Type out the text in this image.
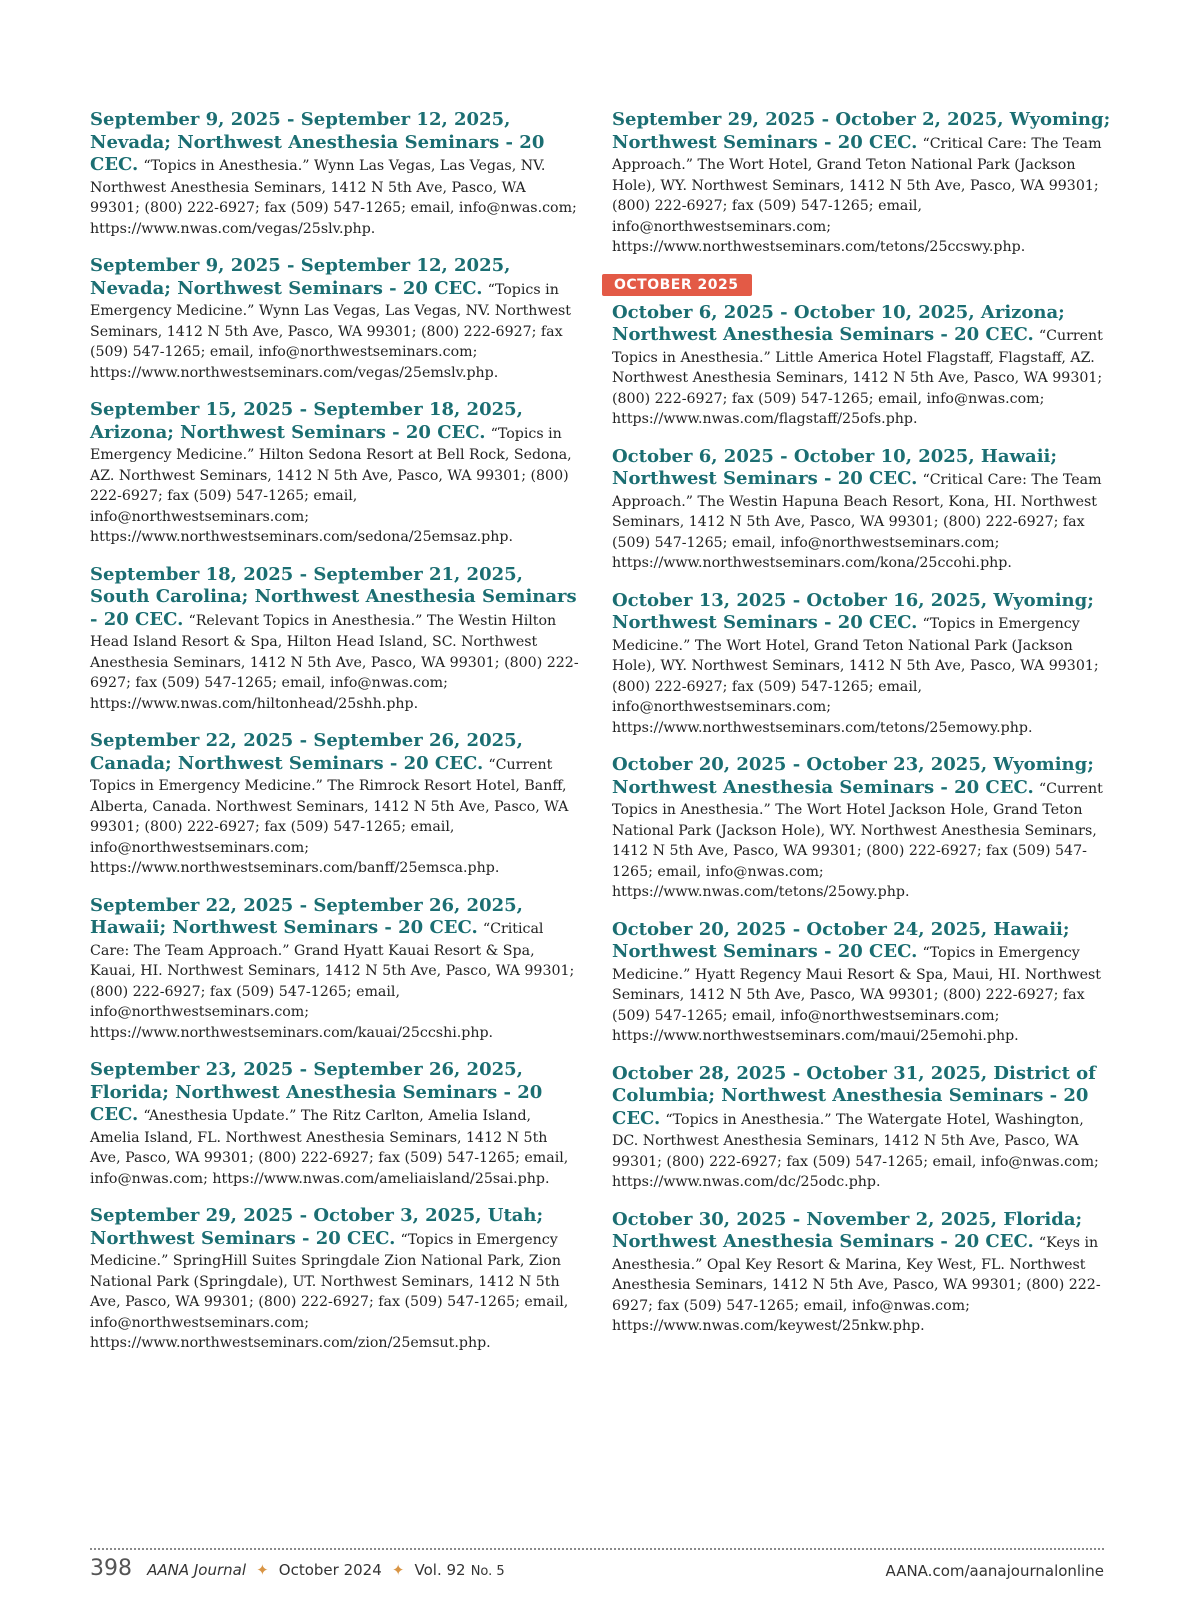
September 9, 2025 - September 12, 2025, Nevada; Northwest Anesthesia Seminars - 20 CEC. “Topics in Anesthesia.” Wynn Las Vegas, Las Vegas, NV. Northwest Anesthesia Seminars, 1412 N 5th Ave, Pasco, WA 99301; (800) 222-6927; fax (509) 547-1265; email, info@nwas.com; https://www.nwas.com/vegas/25slv.php.
September 9, 2025 - September 12, 2025, Nevada; Northwest Seminars - 20 CEC. “Topics in Emergency Medicine.” Wynn Las Vegas, Las Vegas, NV. Northwest Seminars, 1412 N 5th Ave, Pasco, WA 99301; (800) 222-6927; fax (509) 547-1265; email, info@northwestseminars.com; https://www.northwestseminars.com/vegas/25emslv.php.
September 15, 2025 - September 18, 2025, Arizona; Northwest Seminars - 20 CEC. “Topics in Emergency Medicine.” Hilton Sedona Resort at Bell Rock, Sedona, AZ. Northwest Seminars, 1412 N 5th Ave, Pasco, WA 99301; (800) 222-6927; fax (509) 547-1265; email, info@northwestseminars.com; https://www.northwestseminars.com/sedona/25emsaz.php.
September 18, 2025 - September 21, 2025, South Carolina; Northwest Anesthesia Seminars - 20 CEC. “Relevant Topics in Anesthesia.” The Westin Hilton Head Island Resort & Spa, Hilton Head Island, SC. Northwest Anesthesia Seminars, 1412 N 5th Ave, Pasco, WA 99301; (800) 222-6927; fax (509) 547-1265; email, info@nwas.com; https://www.nwas.com/hiltonhead/25shh.php.
September 22, 2025 - September 26, 2025, Canada; Northwest Seminars - 20 CEC. “Current Topics in Emergency Medicine.” The Rimrock Resort Hotel, Banff, Alberta, Canada. Northwest Seminars, 1412 N 5th Ave, Pasco, WA 99301; (800) 222-6927; fax (509) 547-1265; email, info@northwestseminars.com; https://www.northwestseminars.com/banff/25emsca.php.
September 22, 2025 - September 26, 2025, Hawaii; Northwest Seminars - 20 CEC. “Critical Care: The Team Approach.” Grand Hyatt Kauai Resort & Spa, Kauai, HI. Northwest Seminars, 1412 N 5th Ave, Pasco, WA 99301; (800) 222-6927; fax (509) 547-1265; email, info@northwestseminars.com; https://www.northwestseminars.com/kauai/25ccshi.php.
September 23, 2025 - September 26, 2025, Florida; Northwest Anesthesia Seminars - 20 CEC. “Anesthesia Update.” The Ritz Carlton, Amelia Island, Amelia Island, FL. Northwest Anesthesia Seminars, 1412 N 5th Ave, Pasco, WA 99301; (800) 222-6927; fax (509) 547-1265; email, info@nwas.com; https://www.nwas.com/ameliaisland/25sai.php.
September 29, 2025 - October 3, 2025, Utah; Northwest Seminars - 20 CEC. “Topics in Emergency Medicine.” SpringHill Suites Springdale Zion National Park, Zion National Park (Springdale), UT. Northwest Seminars, 1412 N 5th Ave, Pasco, WA 99301; (800) 222-6927; fax (509) 547-1265; email, info@northwestseminars.com; https://www.northwestseminars.com/zion/25emsut.php.
September 29, 2025 - October 2, 2025, Wyoming; Northwest Seminars - 20 CEC. “Critical Care: The Team Approach.” The Wort Hotel, Grand Teton National Park (Jackson Hole), WY. Northwest Seminars, 1412 N 5th Ave, Pasco, WA 99301; (800) 222-6927; fax (509) 547-1265; email, info@northwestseminars.com; https://www.northwestseminars.com/tetons/25ccswy.php.
OCTOBER 2025
October 6, 2025 - October 10, 2025, Arizona; Northwest Anesthesia Seminars - 20 CEC. “Current Topics in Anesthesia.” Little America Hotel Flagstaff, Flagstaff, AZ. Northwest Anesthesia Seminars, 1412 N 5th Ave, Pasco, WA 99301; (800) 222-6927; fax (509) 547-1265; email, info@nwas.com; https://www.nwas.com/flagstaff/25ofs.php.
October 6, 2025 - October 10, 2025, Hawaii; Northwest Seminars - 20 CEC. “Critical Care: The Team Approach.” The Westin Hapuna Beach Resort, Kona, HI. Northwest Seminars, 1412 N 5th Ave, Pasco, WA 99301; (800) 222-6927; fax (509) 547-1265; email, info@northwestseminars.com; https://www.northwestseminars.com/kona/25ccohi.php.
October 13, 2025 - October 16, 2025, Wyoming; Northwest Seminars - 20 CEC. “Topics in Emergency Medicine.” The Wort Hotel, Grand Teton National Park (Jackson Hole), WY. Northwest Seminars, 1412 N 5th Ave, Pasco, WA 99301; (800) 222-6927; fax (509) 547-1265; email, info@northwestseminars.com; https://www.northwestseminars.com/tetons/25emowy.php.
October 20, 2025 - October 23, 2025, Wyoming; Northwest Anesthesia Seminars - 20 CEC. “Current Topics in Anesthesia.” The Wort Hotel Jackson Hole, Grand Teton National Park (Jackson Hole), WY. Northwest Anesthesia Seminars, 1412 N 5th Ave, Pasco, WA 99301; (800) 222-6927; fax (509) 547-1265; email, info@nwas.com; https://www.nwas.com/tetons/25owy.php.
October 20, 2025 - October 24, 2025, Hawaii; Northwest Seminars - 20 CEC. “Topics in Emergency Medicine.” Hyatt Regency Maui Resort & Spa, Maui, HI. Northwest Seminars, 1412 N 5th Ave, Pasco, WA 99301; (800) 222-6927; fax (509) 547-1265; email, info@northwestseminars.com; https://www.northwestseminars.com/maui/25emohi.php.
October 28, 2025 - October 31, 2025, District of Columbia; Northwest Anesthesia Seminars - 20 CEC. “Topics in Anesthesia.” The Watergate Hotel, Washington, DC. Northwest Anesthesia Seminars, 1412 N 5th Ave, Pasco, WA 99301; (800) 222-6927; fax (509) 547-1265; email, info@nwas.com; https://www.nwas.com/dc/25odc.php.
October 30, 2025 - November 2, 2025, Florida; Northwest Anesthesia Seminars - 20 CEC. “Keys in Anesthesia.” Opal Key Resort & Marina, Key West, FL. Northwest Anesthesia Seminars, 1412 N 5th Ave, Pasco, WA 99301; (800) 222-6927; fax (509) 547-1265; email, info@nwas.com; https://www.nwas.com/keywest/25nkw.php.
398 AANA Journal ✦ October 2024 ✦ Vol. 92 No. 5	AANA.com/aanajournalonline
